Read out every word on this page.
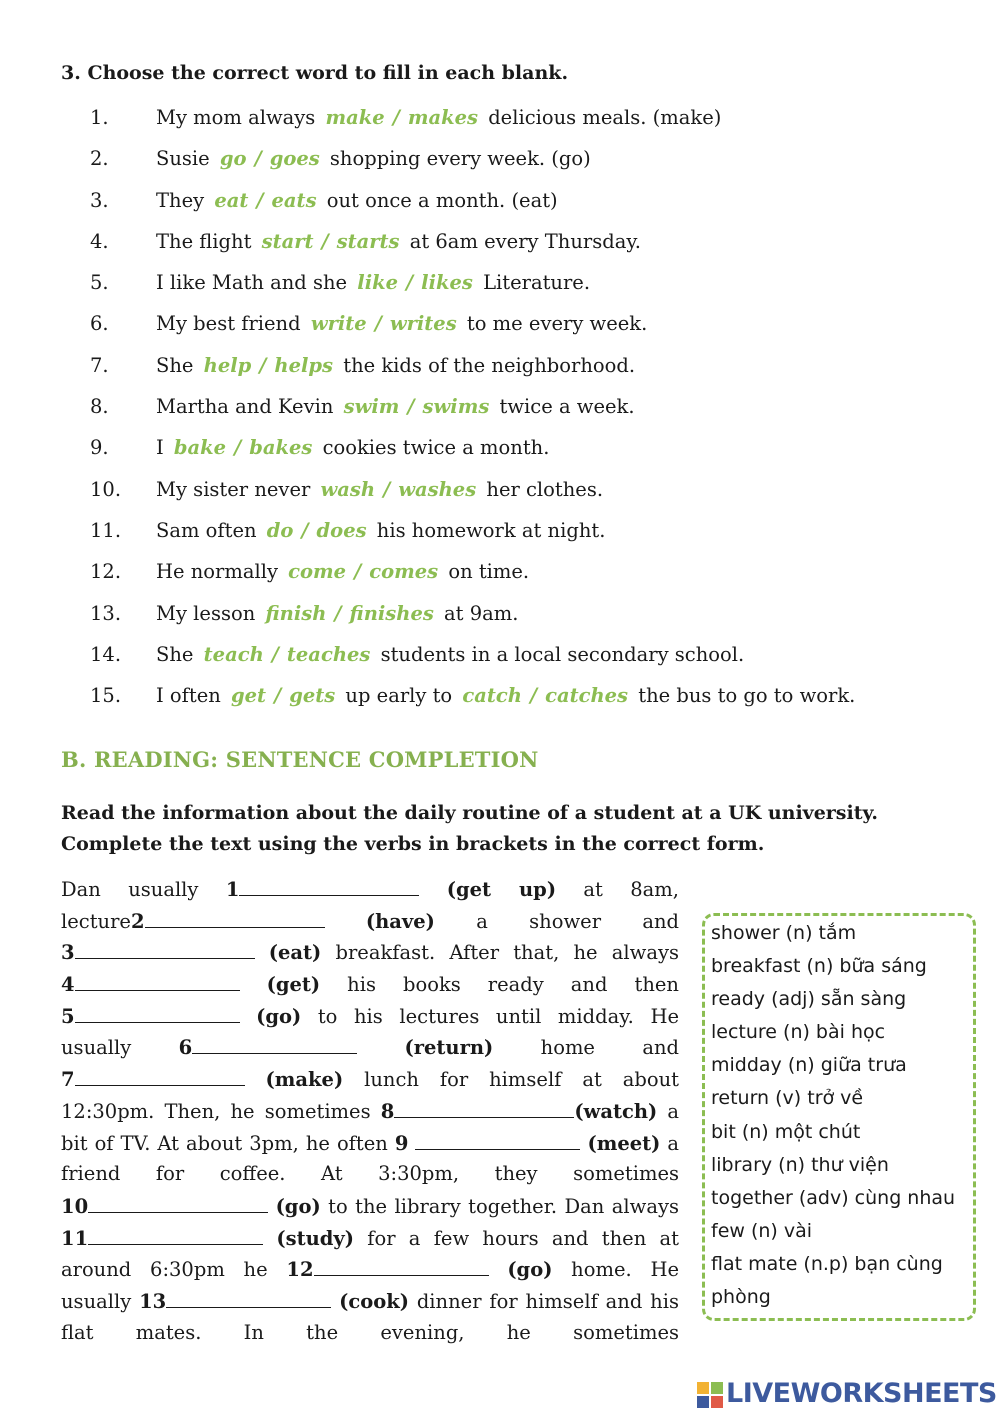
3. Choose the correct word to fill in each blank.
1. My mom always make / makes delicious meals. (make)
2. Susie go / goes shopping every week. (go)
3. They eat / eats out once a month. (eat)
4. The flight start / starts at 6am every Thursday.
5. I like Math and she like / likes Literature.
6. My best friend write / writes to me every week.
7. She help / helps the kids of the neighborhood.
8. Martha and Kevin swim / swims twice a week.
9. I bake / bakes cookies twice a month.
10. My sister never wash / washes her clothes.
11. Sam often do / does his homework at night.
12. He normally come / comes on time.
13. My lesson finish / finishes at 9am.
14. She teach / teaches students in a local secondary school.
15. I often get / gets up early to catch / catches the bus to go to work.
B. READING: SENTENCE COMPLETION
Read the information about the daily routine of a student at a UK university.
Complete the text using the verbs in brackets in the correct form.
Dan usually 1	(get up) at 8am,
lecture2	(have) a shower and
3	(eat) breakfast. After that, he always
4	(get) his books ready and then
5	(go) to his lectures until midday. He
usually 6	(return) home and
7	(make) lunch for himself at about
12:30pm. Then, he sometimes 8	(watch) a
bit of TV. At about 3pm, he often 9	(meet) a
friend for coffee. At 3:30pm, they sometimes
10	(go) to the library together. Dan always
11	(study) for a few hours and then at
around 6:30pm he 12	(go) home. He
usually 13	(cook) dinner for himself and his
flat mates. In the evening, he sometimes
shower (n) tắm
breakfast (n) bữa sáng
ready (adj) sẵn sàng
lecture (n) bài học
midday (n) giữa trưa
return (v) trở về
bit (n) một chút
library (n) thư viện
together (adv) cùng nhau
few (n) vài
flat mate (n.p) bạn cùng
phòng
LIVEWORKSHEETS
